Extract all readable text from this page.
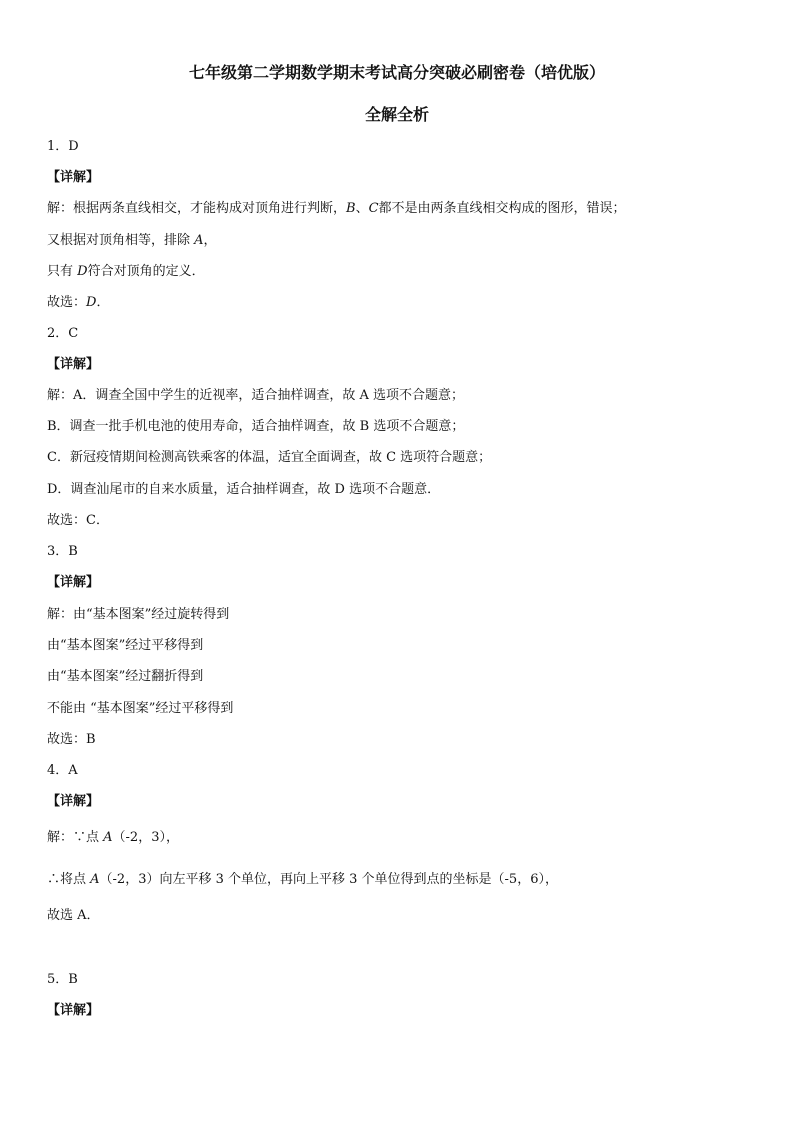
七年级第二学期数学期末考试高分突破必刷密卷（培优版）
全解全析
1．D
【详解】
解：根据两条直线相交，才能构成对顶角进行判断，B、C都不是由两条直线相交构成的图形，错误；
又根据对顶角相等，排除 A，
只有 D符合对顶角的定义．
故选：D．
2．C
【详解】
解：A．调查全国中学生的近视率，适合抽样调查，故 A 选项不合题意；
B．调查一批手机电池的使用寿命，适合抽样调查，故 B 选项不合题意；
C．新冠疫情期间检测高铁乘客的体温，适宜全面调查，故 C 选项符合题意；
D．调查汕尾市的自来水质量，适合抽样调查，故 D 选项不合题意．
故选：C．
3．B
【详解】
解：由“基本图案”经过旋转得到
由“基本图案”经过平移得到
由“基本图案”经过翻折得到
不能由 “基本图案”经过平移得到
故选：B
4．A
【详解】
解：∵点 A（-2，3），
∴将点 A（-2，3）向左平移 3 个单位，再向上平移 3 个单位得到点的坐标是（-5，6），
故选 A．
5．B
【详解】
